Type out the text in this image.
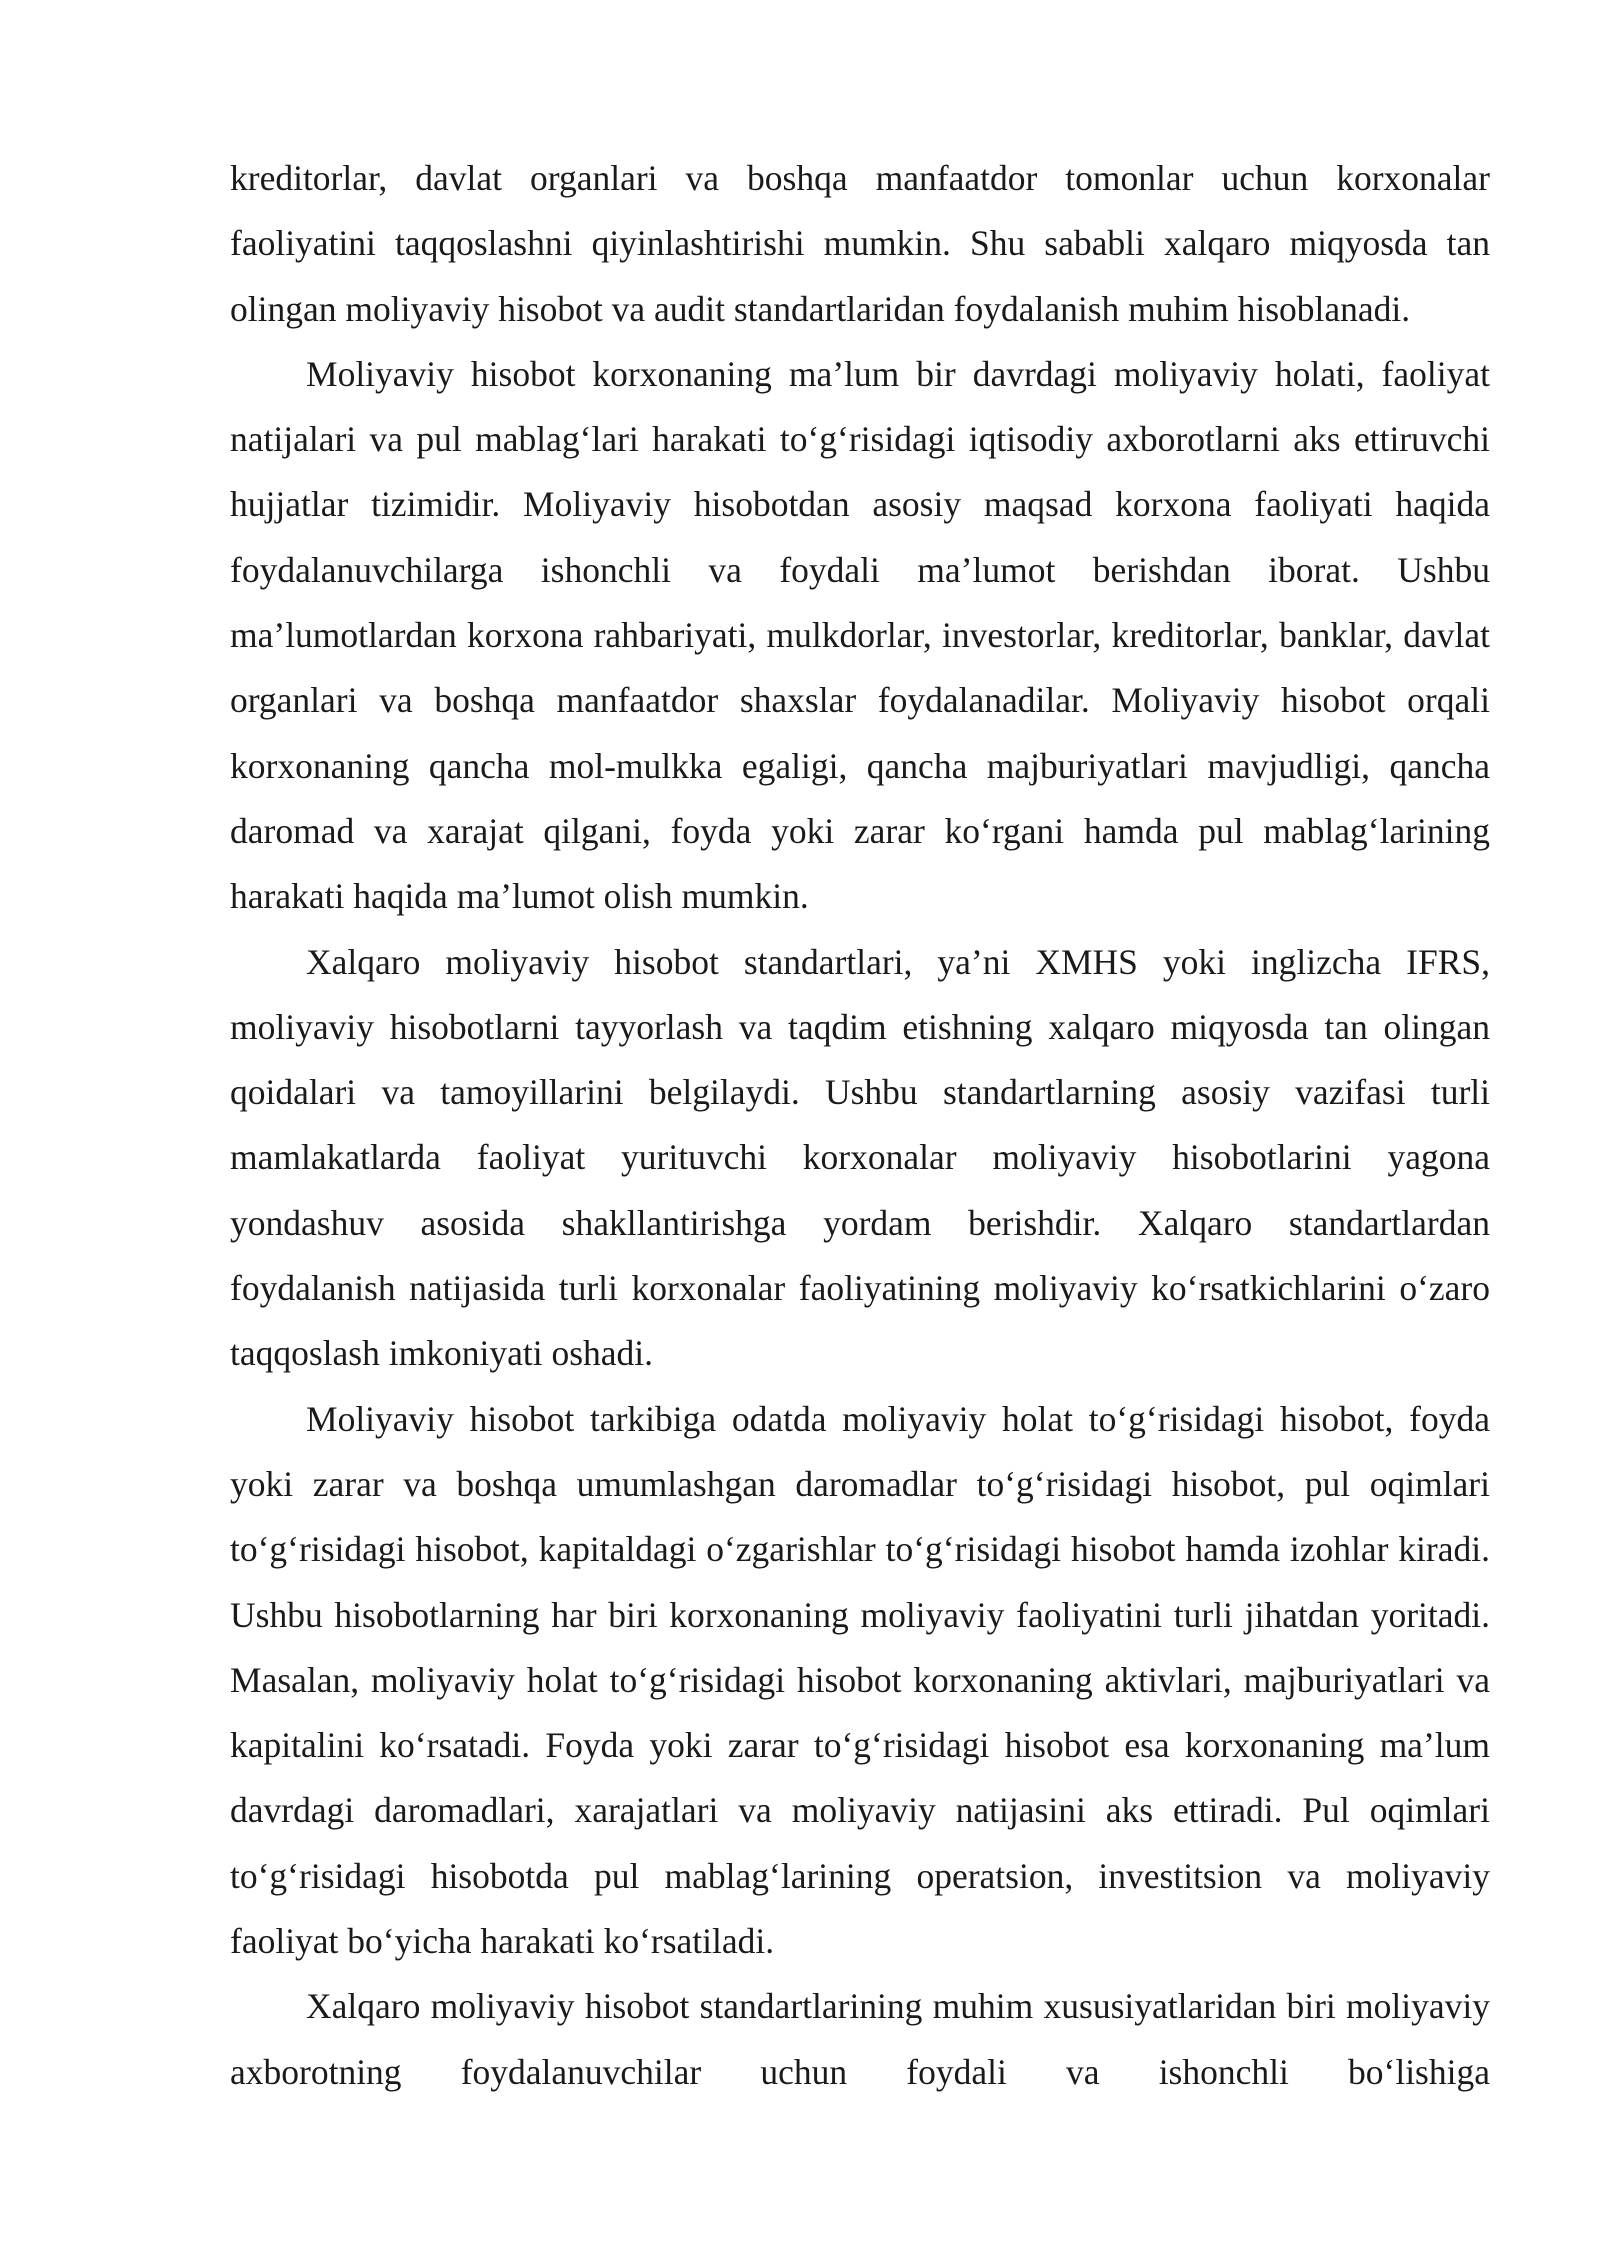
kreditorlar, davlat organlari va boshqa manfaatdor tomonlar uchun korxonalar faoliyatini taqqoslashni qiyinlashtirishi mumkin. Shu sababli xalqaro miqyosda tan olingan moliyaviy hisobot va audit standartlaridan foydalanish muhim hisoblanadi.

Moliyaviy hisobot korxonaning ma’lum bir davrdagi moliyaviy holati, faoliyat natijalari va pul mablag‘lari harakati to‘g‘risidagi iqtisodiy axborotlarni aks ettiruvchi hujjatlar tizimidir. Moliyaviy hisobotdan asosiy maqsad korxona faoliyati haqida foydalanuvchilarga ishonchli va foydali ma’lumot berishdan iborat. Ushbu ma’lumotlardan korxona rahbariyati, mulkdorlar, investorlar, kreditorlar, banklar, davlat organlari va boshqa manfaatdor shaxslar foydalanadilar. Moliyaviy hisobot orqali korxonaning qancha mol-mulkka egaligi, qancha majburiyatlari mavjudligi, qancha daromad va xarajat qilgani, foyda yoki zarar ko‘rgani hamda pul mablag‘larining harakati haqida ma’lumot olish mumkin.

Xalqaro moliyaviy hisobot standartlari, ya’ni XMHS yoki inglizcha IFRS, moliyaviy hisobotlarni tayyorlash va taqdim etishning xalqaro miqyosda tan olingan qoidalari va tamoyillarini belgilaydi. Ushbu standartlarning asosiy vazifasi turli mamlakatlarda faoliyat yurituvchi korxonalar moliyaviy hisobotlarini yagona yondashuv asosida shakllantirishga yordam berishdir. Xalqaro standartlardan foydalanish natijasida turli korxonalar faoliyatining moliyaviy ko‘rsatkichlarini o‘zaro taqqoslash imkoniyati oshadi.

Moliyaviy hisobot tarkibiga odatda moliyaviy holat to‘g‘risidagi hisobot, foyda yoki zarar va boshqa umumlashgan daromadlar to‘g‘risidagi hisobot, pul oqimlari to‘g‘risidagi hisobot, kapitaldagi o‘zgarishlar to‘g‘risidagi hisobot hamda izohlar kiradi. Ushbu hisobotlarning har biri korxonaning moliyaviy faoliyatini turli jihatdan yoritadi. Masalan, moliyaviy holat to‘g‘risidagi hisobot korxonaning aktivlari, majburiyatlari va kapitalini ko‘rsatadi. Foyda yoki zarar to‘g‘risidagi hisobot esa korxonaning ma’lum davrdagi daromadlari, xarajatlari va moliyaviy natijasini aks ettiradi. Pul oqimlari to‘g‘risidagi hisobotda pul mablag‘larining operatsion, investitsion va moliyaviy faoliyat bo‘yicha harakati ko‘rsatiladi.

Xalqaro moliyaviy hisobot standartlarining muhim xususiyatlaridan biri moliyaviy axborotning foydalanuvchilar uchun foydali va ishonchli bo‘lishiga
